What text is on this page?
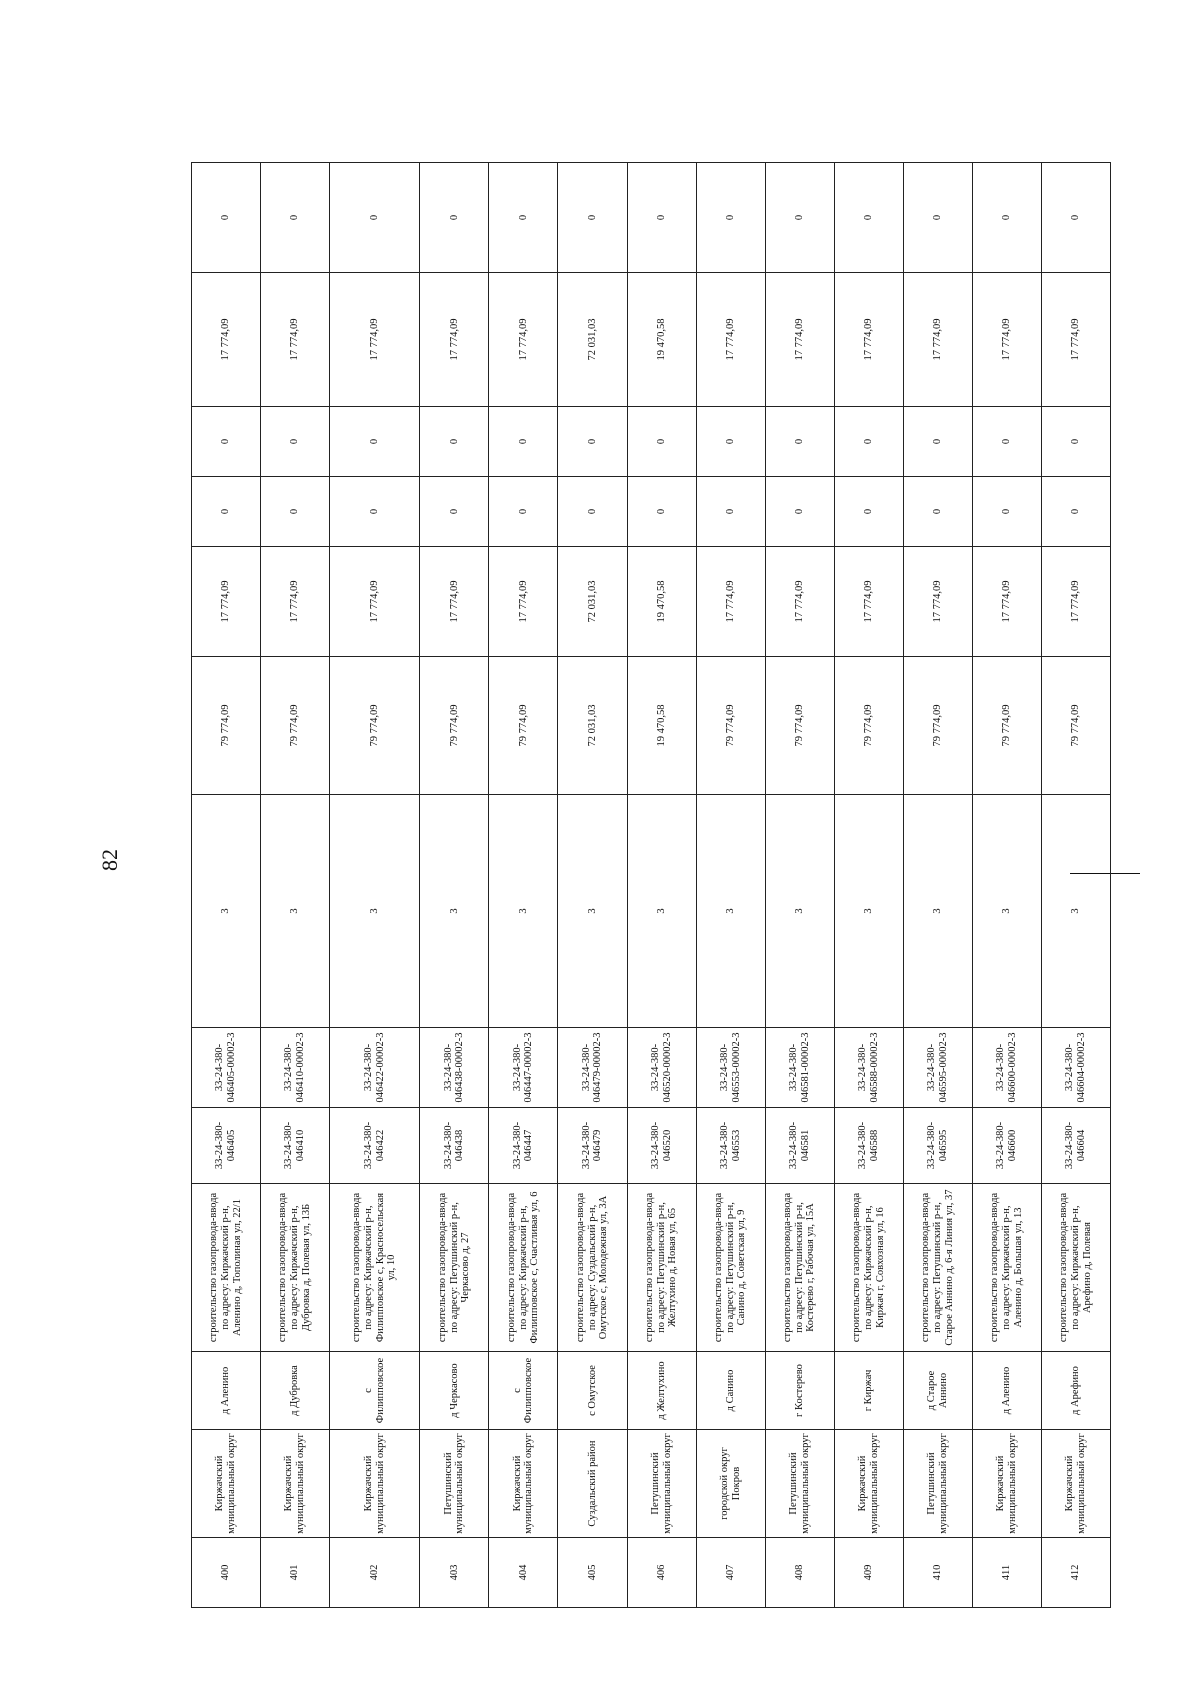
82
400	Киржачский муниципальный округ	д Аленино	строительство газопровода-ввода по адресу: Киржачский р-н, Аленино д, Тополиная ул, 22/1	33-24-380-046405	33-24-380-046405-00002-3	3	79 774,09	17 774,09	0	0	17 774,09	0
401	Киржачский муниципальный округ	д Дубровка	строительство газопровода-ввода по адресу: Киржачский р-н, Дубровка д, Полевая ул, 13Б	33-24-380-046410	33-24-380-046410-00002-3	3	79 774,09	17 774,09	0	0	17 774,09	0
402	Киржачский муниципальный округ	с Филипповское	строительство газопровода-ввода по адресу: Киржачский р-н, Филипповское с, Красносельская ул, 10	33-24-380-046422	33-24-380-046422-00002-3	3	79 774,09	17 774,09	0	0	17 774,09	0
403	Петушинский муниципальный округ	д Черкасово	строительство газопровода-ввода по адресу: Петушинский р-н, Черкасово д, 27	33-24-380-046438	33-24-380-046438-00002-3	3	79 774,09	17 774,09	0	0	17 774,09	0
404	Киржачский муниципальный округ	с Филипповское	строительство газопровода-ввода по адресу: Киржачский р-н, Филипповское с, Счастливая ул, 6	33-24-380-046447	33-24-380-046447-00002-3	3	79 774,09	17 774,09	0	0	17 774,09	0
405	Суздальский район	с Омутское	строительство газопровода-ввода по адресу: Суздальский р-н, Омутское с, Молодежная ул, 3А	33-24-380-046479	33-24-380-046479-00002-3	3	72 031,03	72 031,03	0	0	72 031,03	0
406	Петушинский муниципальный округ	д Желтухино	строительство газопровода-ввода по адресу: Петушинский р-н, Желтухино д, Новая ул, 65	33-24-380-046520	33-24-380-046520-00002-3	3	19 470,58	19 470,58	0	0	19 470,58	0
407	городской округ Покров	д Санино	строительство газопровода-ввода по адресу: Петушинский р-н, Санино д, Советская ул, 9	33-24-380-046553	33-24-380-046553-00002-3	3	79 774,09	17 774,09	0	0	17 774,09	0
408	Петушинский муниципальный округ	г Костерево	строительство газопровода-ввода по адресу: Петушинский р-н, Костерево г, Рабочая ул, 15А	33-24-380-046581	33-24-380-046581-00002-3	3	79 774,09	17 774,09	0	0	17 774,09	0
409	Киржачский муниципальный округ	г Киржач	строительство газопровода-ввода по адресу: Киржачский р-н, Киржач г, Совхозная ул, 16	33-24-380-046588	33-24-380-046588-00002-3	3	79 774,09	17 774,09	0	0	17 774,09	0
410	Петушинский муниципальный округ	д Старое Аннино	строительство газопровода-ввода по адресу: Петушинский р-н, Старое Аннино д, 6-я Линия ул, 37	33-24-380-046595	33-24-380-046595-00002-3	3	79 774,09	17 774,09	0	0	17 774,09	0
411	Киржачский муниципальный округ	д Аленино	строительство газопровода-ввода по адресу: Киржачский р-н, Аленино д, Большая ул, 13	33-24-380-046600	33-24-380-046600-00002-3	3	79 774,09	17 774,09	0	0	17 774,09	0
412	Киржачский муниципальный округ	д Арефино	строительство газопровода-ввода по адресу: Киржачский р-н, Арефино д, Полевая	33-24-380-046604	33-24-380-046604-00002-3	3	79 774,09	17 774,09	0	0	17 774,09	0
